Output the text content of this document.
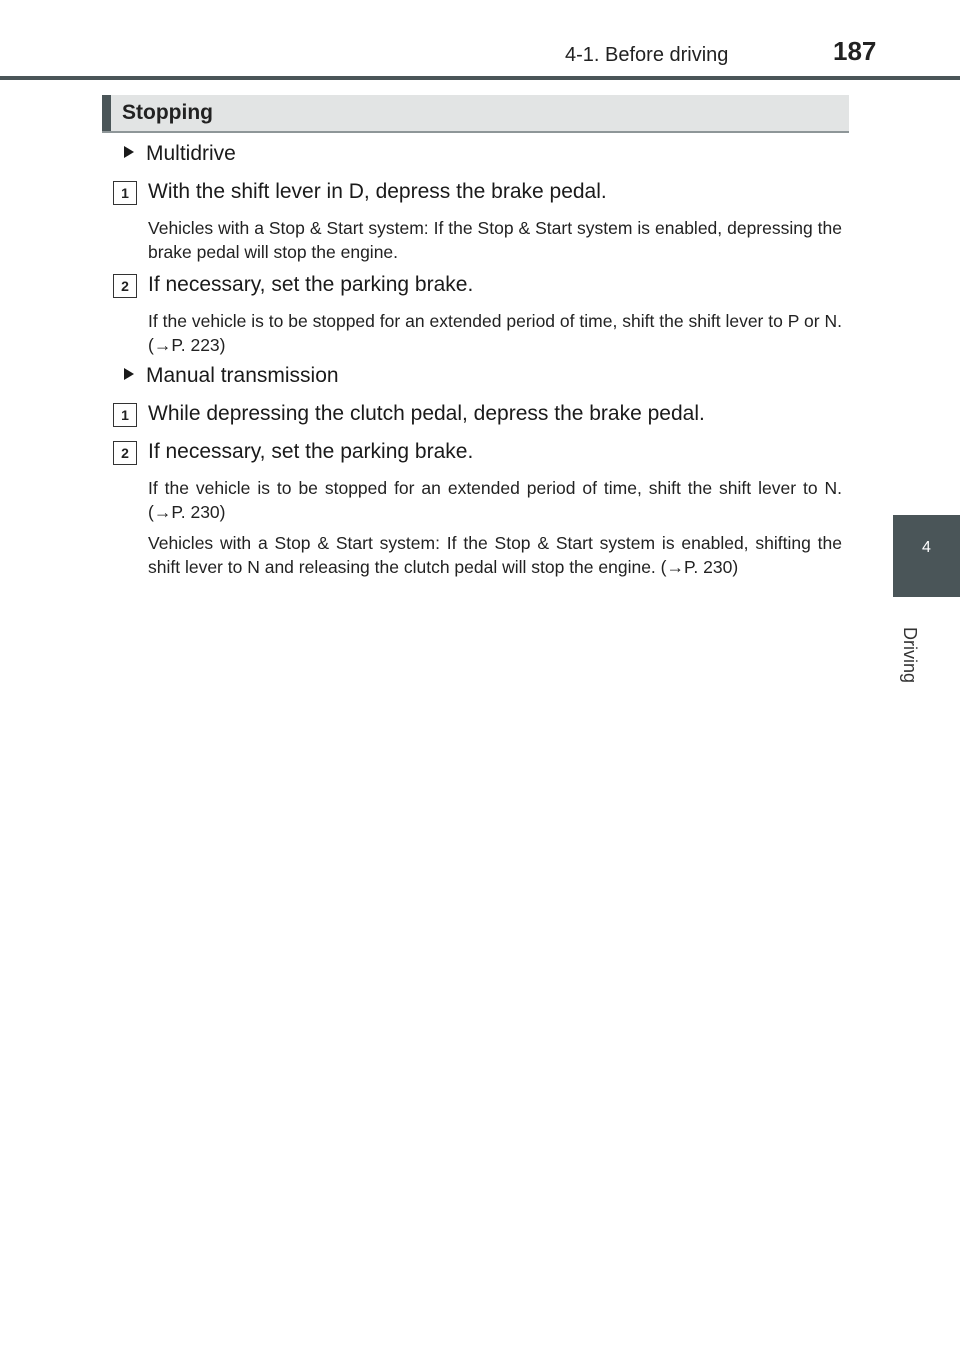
4-1. Before driving	187
4
Driving
Stopping
Multidrive
1 With the shift lever in D, depress the brake pedal.
Vehicles with a Stop & Start system: If the Stop & Start system is enabled, depressing the brake pedal will stop the engine.
2 If necessary, set the parking brake.
If the vehicle is to be stopped for an extended period of time, shift the shift lever to P or N. (→P. 223)
Manual transmission
1 While depressing the clutch pedal, depress the brake pedal.
2 If necessary, set the parking brake.
If the vehicle is to be stopped for an extended period of time, shift the shift lever to N. (→P. 230)
Vehicles with a Stop & Start system: If the Stop & Start system is enabled, shifting the shift lever to N and releasing the clutch pedal will stop the engine. (→P. 230)
